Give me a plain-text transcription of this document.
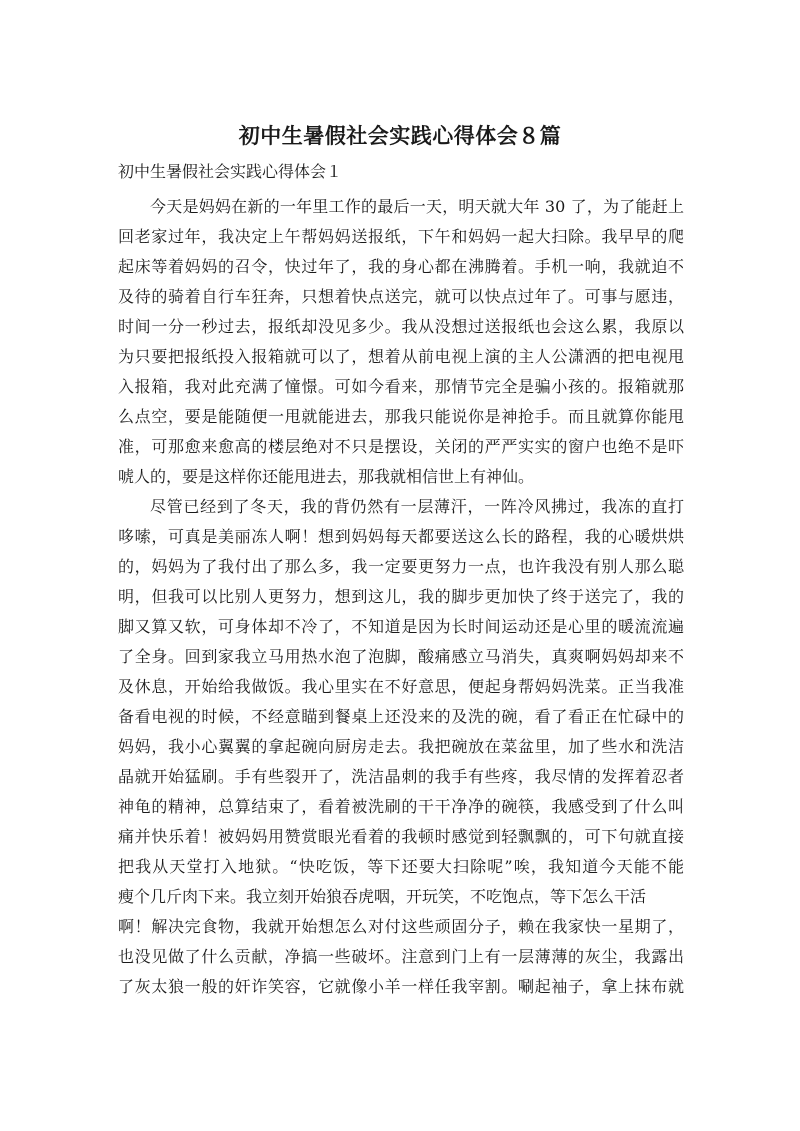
初中生暑假社会实践心得体会８篇
初中生暑假社会实践心得体会１
今天是妈妈在新的一年里工作的最后一天，明天就大年 30 了，为了能赶上
回老家过年，我决定上午帮妈妈送报纸，下午和妈妈一起大扫除。我早早的爬
起床等着妈妈的召令，快过年了，我的身心都在沸腾着。手机一响，我就迫不
及待的骑着自行车狂奔，只想着快点送完，就可以快点过年了。可事与愿违，
时间一分一秒过去，报纸却没见多少。我从没想过送报纸也会这么累，我原以
为只要把报纸投入报箱就可以了，想着从前电视上演的主人公潇洒的把电视甩
入报箱，我对此充满了憧憬。可如今看来，那情节完全是骗小孩的。报箱就那
么点空，要是能随便一甩就能进去，那我只能说你是神抢手。而且就算你能甩
准，可那愈来愈高的楼层绝对不只是摆设，关闭的严严实实的窗户也绝不是吓
唬人的，要是这样你还能甩进去，那我就相信世上有神仙。
尽管已经到了冬天，我的背仍然有一层薄汗，一阵冷风拂过，我冻的直打
哆嗦，可真是美丽冻人啊！想到妈妈每天都要送这么长的路程，我的心暖烘烘
的，妈妈为了我付出了那么多，我一定要更努力一点，也许我没有别人那么聪
明，但我可以比别人更努力，想到这儿，我的脚步更加快了终于送完了，我的
脚又算又软，可身体却不冷了，不知道是因为长时间运动还是心里的暖流流遍
了全身。回到家我立马用热水泡了泡脚，酸痛感立马消失，真爽啊妈妈却来不
及休息，开始给我做饭。我心里实在不好意思，便起身帮妈妈洗菜。正当我准
备看电视的时候，不经意瞄到餐桌上还没来的及洗的碗，看了看正在忙碌中的
妈妈，我小心翼翼的拿起碗向厨房走去。我把碗放在菜盆里，加了些水和洗洁
晶就开始猛刷。手有些裂开了，洗洁晶刺的我手有些疼，我尽情的发挥着忍者
神龟的精神，总算结束了，看着被洗刷的干干净净的碗筷，我感受到了什么叫
痛并快乐着！被妈妈用赞赏眼光看着的我顿时感觉到轻飘飘的，可下句就直接
把我从天堂打入地狱。“快吃饭，等下还要大扫除呢”唉，我知道今天能不能
瘦个几斤肉下来。我立刻开始狼吞虎咽，开玩笑，不吃饱点，等下怎么干活
啊！解决完食物，我就开始想怎么对付这些顽固分子，赖在我家快一星期了，
也没见做了什么贡献，净搞一些破坏。注意到门上有一层薄薄的灰尘，我露出
了灰太狼一般的奸诈笑容，它就像小羊一样任我宰割。唰起袖子，拿上抹布就
